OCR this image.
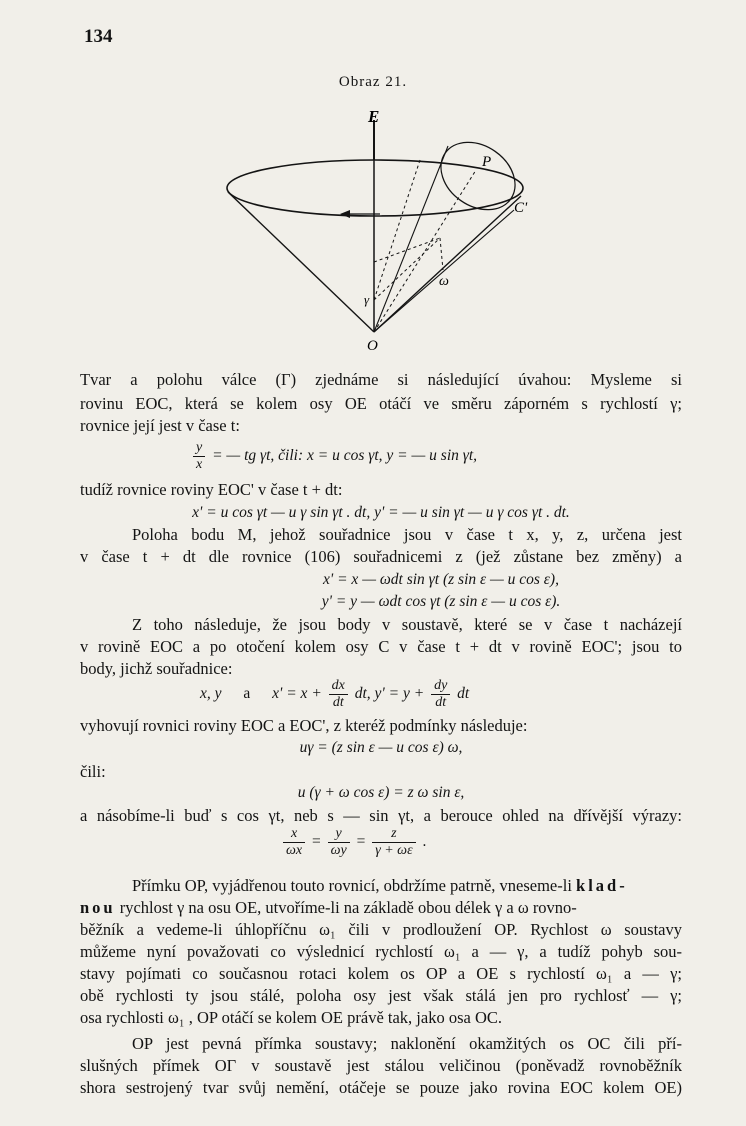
134
Obraz 21.
E
P
C'
ω
γ
O
Tvar a polohu válce (Γ) zjednáme si následující úvahou: Mysleme si
rovinu EOC, která se kolem osy OE otáčí ve směru záporném s rychlostí γ;
rovnice její jest v čase t:
$\frac{y}{x}$ = — tg γt, čili: x = u cos γt, y = — u sin γt,
tudíž rovnice roviny EOC' v čase t + dt:
x' = u cos γt — u γ sin γt . dt, y' = — u sin γt — u γ cos γt . dt.
Poloha bodu M, jehož souřadnice jsou v čase t x, y, z, určena jest
v čase t + dt dle rovnice (106) souřadnicemi z (jež zůstane bez změny) a
x' = x — ωdt sin γt (z sin ε — u cos ε),
y' = y — ωdt cos γt (z sin ε — u cos ε).
Z toho následuje, že jsou body v soustavě, které se v čase t nacházejí
v rovině EOC a po otočení kolem osy C v čase t + dt v rovině EOC'; jsou to
body, jichž souřadnice:
x, y a $x' = x + \frac{dx}{dt}$ dt, $y' = y + \frac{dy}{dt}$ dt
vyhovují rovnici roviny EOC a EOC', z kteréž podmínky následuje:
uγ = (z sin ε — u cos ε) ω,
čili:
u (γ + ω cos ε) = z ω sin ε,
a násobíme-li buď s cos γt, neb s — sin γt, a berouce ohled na dřívější výrazy:
$\frac{x}{\omega x} = \frac{y}{\omega y} = \frac{z}{\gamma + \omega\varepsilon}$ .
Přímku OP, vyjádřenou touto rovnicí, obdržíme patrně, vneseme-li klad-
nou rychlost γ na osu OE, utvoříme-li na základě obou délek γ a ω rovno-
běžník a vedeme-li úhlopříčnu ω₁ čili v prodloužení OP. Rychlost ω soustavy
můžeme nyní považovati co výslednicí rychlostí ω₁ a — γ, a tudíž pohyb sou-
stavy pojímati co současnou rotaci kolem os OP a OE s rychlostí ω₁ a — γ;
obě rychlosti ty jsou stálé, poloha osy jest však stálá jen pro rychlosť — γ;
osa rychlosti ω₁ , OP otáčí se kolem OE právě tak, jako osa OC.
OP jest pevná přímka soustavy; naklonění okamžitých os OC čili pří-
slušných přímek OΓ v soustavě jest stálou veličinou (poněvadž rovnoběžník
shora sestrojený tvar svůj nemění, otáčeje se pouze jako rovina EOC kolem OE)
